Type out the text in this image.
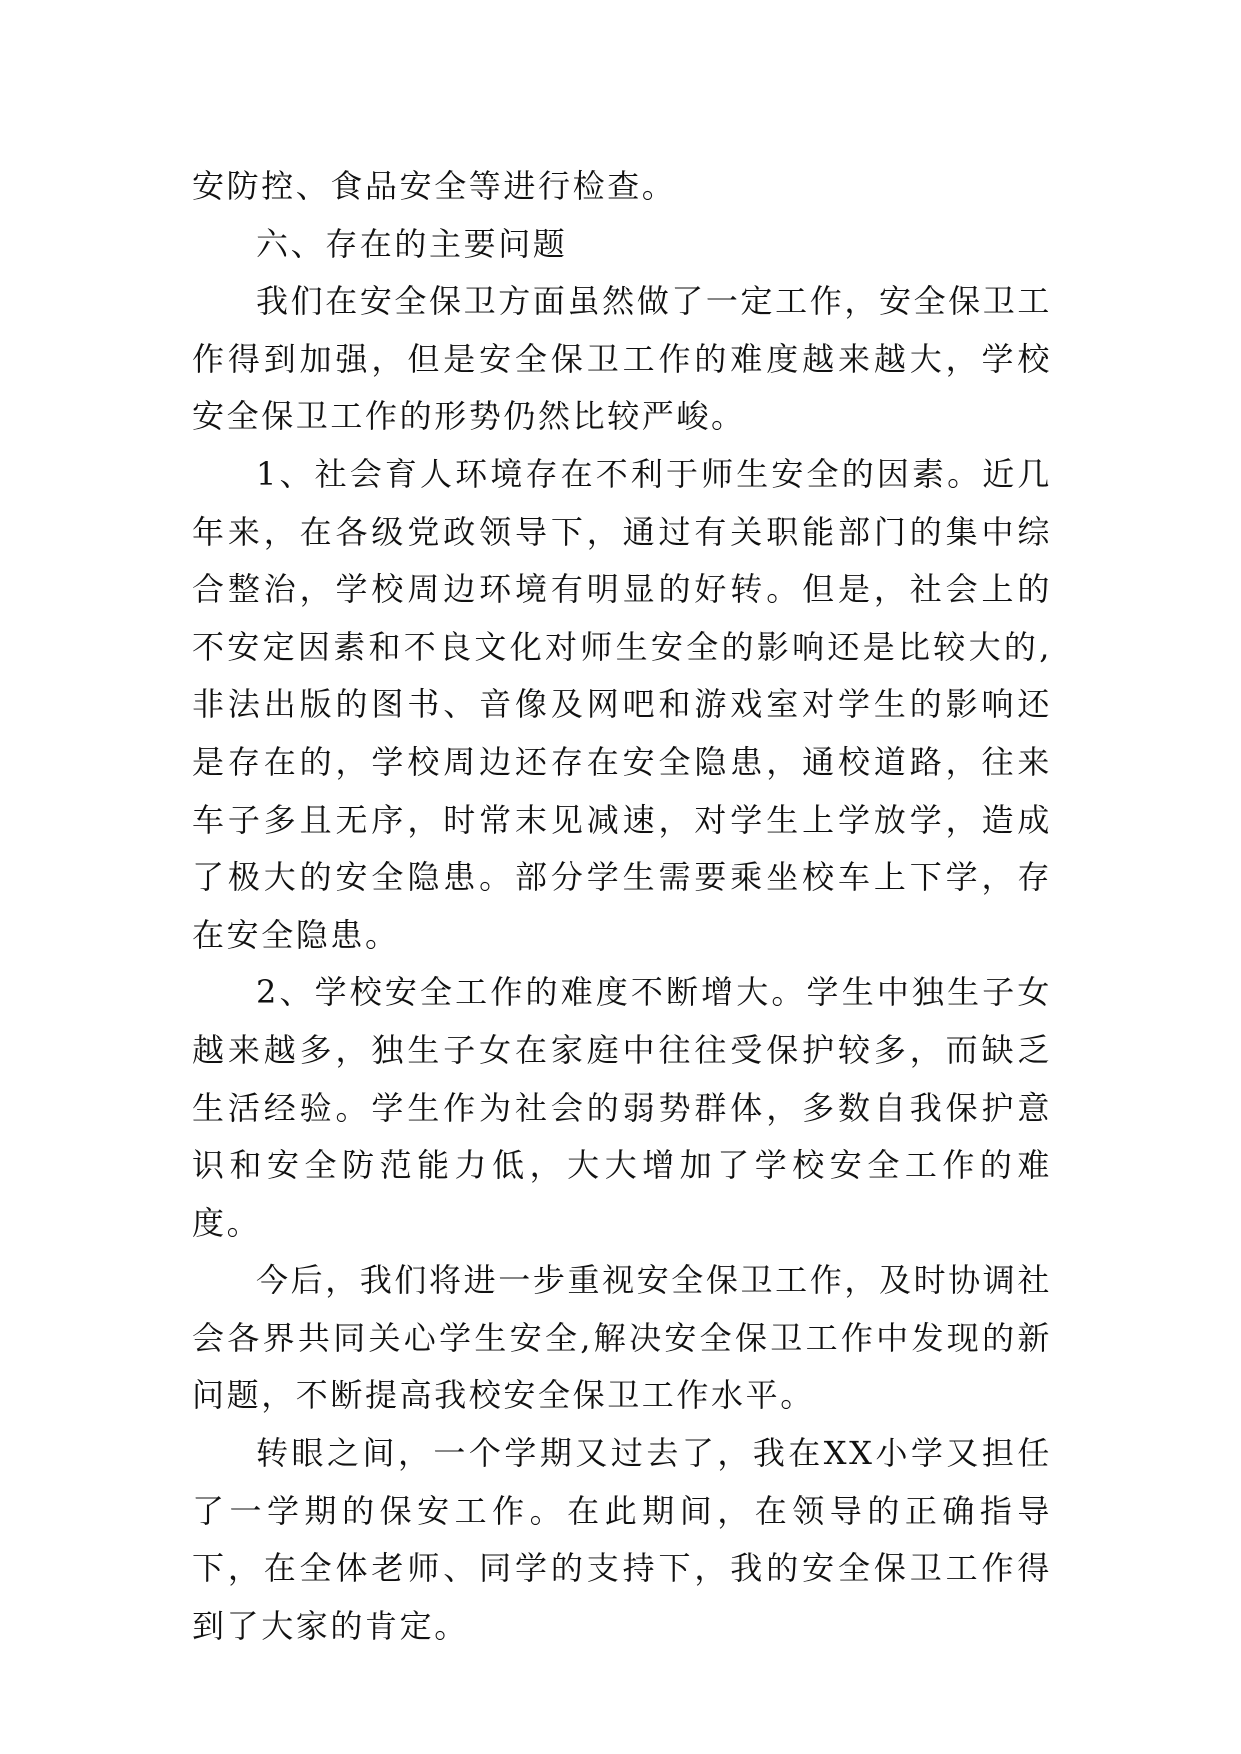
安防控、食品安全等进行检查。

六、存在的主要问题

我们在安全保卫方面虽然做了一定工作，安全保卫工作得到加强，但是安全保卫工作的难度越来越大，学校安全保卫工作的形势仍然比较严峻。

1、社会育人环境存在不利于师生安全的因素。近几年来，在各级党政领导下，通过有关职能部门的集中综合整治，学校周边环境有明显的好转。但是，社会上的不安定因素和不良文化对师生安全的影响还是比较大的,非法出版的图书、音像及网吧和游戏室对学生的影响还是存在的，学校周边还存在安全隐患，通校道路，往来车子多且无序，时常末见减速，对学生上学放学，造成了极大的安全隐患。部分学生需要乘坐校车上下学，存在安全隐患。

2、学校安全工作的难度不断增大。学生中独生子女越来越多，独生子女在家庭中往往受保护较多，而缺乏生活经验。学生作为社会的弱势群体，多数自我保护意识和安全防范能力低，大大增加了学校安全工作的难度。

今后，我们将进一步重视安全保卫工作，及时协调社会各界共同关心学生安全,解决安全保卫工作中发现的新问题，不断提高我校安全保卫工作水平。

转眼之间，一个学期又过去了，我在XX小学又担任了一学期的保安工作。在此期间，在领导的正确指导下，在全体老师、同学的支持下，我的安全保卫工作得到了大家的肯定。
